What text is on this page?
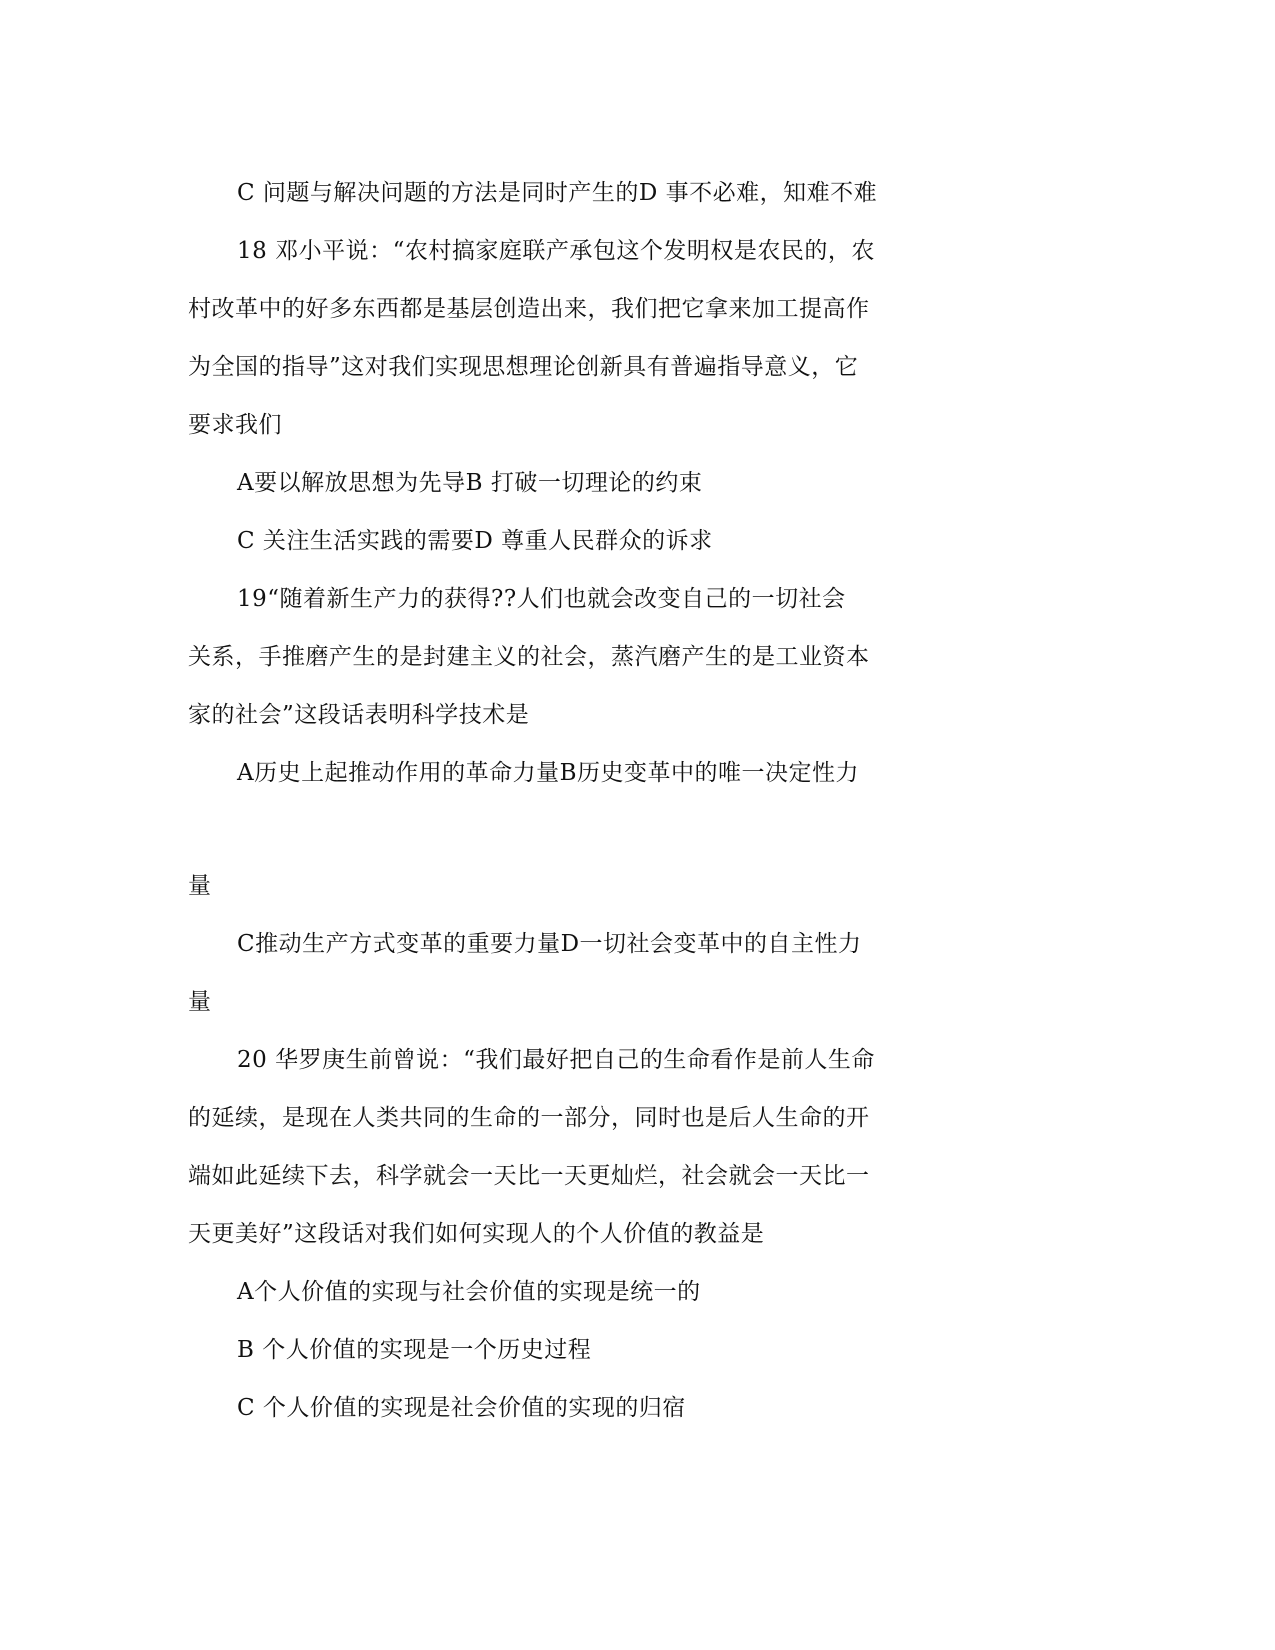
C 问题与解决问题的方法是同时产生的D 事不必难，知难不难
18 邓小平说：“农村搞家庭联产承包这个发明权是农民的，农
村改革中的好多东西都是基层创造出来，我们把它拿来加工提高作
为全国的指导”这对我们实现思想理论创新具有普遍指导意义，它
要求我们
A要以解放思想为先导B 打破一切理论的约束
C 关注生活实践的需要D 尊重人民群众的诉求
19“随着新生产力的获得??人们也就会改变自己的一切社会
关系，手推磨产生的是封建主义的社会，蒸汽磨产生的是工业资本
家的社会”这段话表明科学技术是
A历史上起推动作用的革命力量B历史变革中的唯一决定性力
量
C推动生产方式变革的重要力量D一切社会变革中的自主性力
量
20 华罗庚生前曾说：“我们最好把自己的生命看作是前人生命
的延续，是现在人类共同的生命的一部分，同时也是后人生命的开
端如此延续下去，科学就会一天比一天更灿烂，社会就会一天比一
天更美好”这段话对我们如何实现人的个人价值的教益是
A个人价值的实现与社会价值的实现是统一的
B 个人价值的实现是一个历史过程
C 个人价值的实现是社会价值的实现的归宿
